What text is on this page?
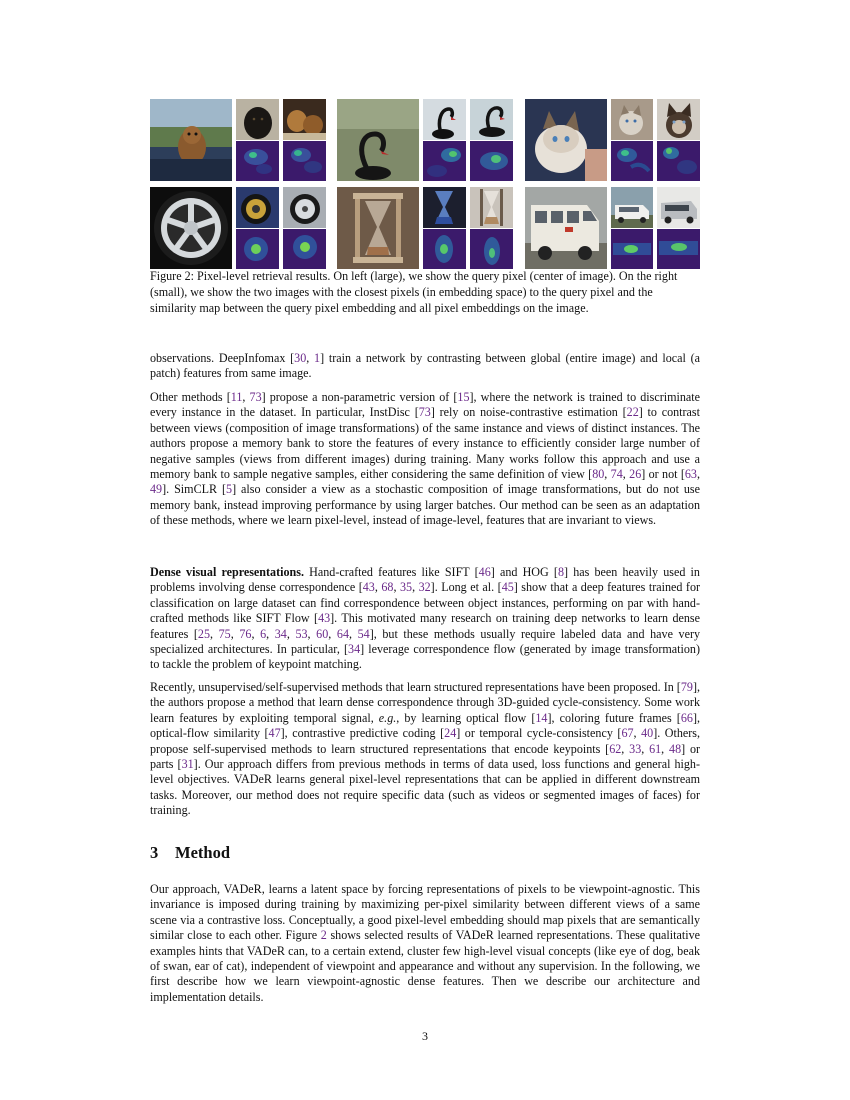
Figure 2: Pixel-level retrieval results. On left (large), we show the query pixel (center of image). On the right (small), we show the two images with the closest pixels (in embedding space) to the query pixel and the similarity map between the query pixel embedding and all pixel embeddings on the image.

observations. DeepInfomax [30, 1] train a network by contrasting between global (entire image) and local (a patch) features from same image.

Other methods [11, 73] propose a non-parametric version of [15], where the network is trained to discriminate every instance in the dataset. In particular, InstDisc [73] rely on noise-contrastive estimation [22] to contrast between views (composition of image transformations) of the same instance and views of distinct instances. The authors propose a memory bank to store the features of every instance to efficiently consider large number of negative samples (views from different images) during training. Many works follow this approach and use a memory bank to sample negative samples, either considering the same definition of view [80, 74, 26] or not [63, 49]. SimCLR [5] also consider a view as a stochastic composition of image transformations, but do not use memory bank, instead improving performance by using larger batches. Our method can be seen as an adaptation of these methods, where we learn pixel-level, instead of image-level, features that are invariant to views.

Dense visual representations. Hand-crafted features like SIFT [46] and HOG [8] has been heavily used in problems involving dense correspondence [43, 68, 35, 32]. Long et al. [45] show that a deep features trained for classification on large dataset can find correspondence between object instances, performing on par with hand-crafted methods like SIFT Flow [43]. This motivated many research on training deep networks to learn dense features [25, 75, 76, 6, 34, 53, 60, 64, 54], but these methods usually require labeled data and have very specialized architectures. In particular, [34] leverage correspondence flow (generated by image transformation) to tackle the problem of keypoint matching.

Recently, unsupervised/self-supervised methods that learn structured representations have been proposed. In [79], the authors propose a method that learn dense correspondence through 3D-guided cycle-consistency. Some work learn features by exploiting temporal signal, e.g., by learning optical flow [14], coloring future frames [66], optical-flow similarity [47], contrastive predictive coding [24] or temporal cycle-consistency [67, 40]. Others, propose self-supervised methods to learn structured representations that encode keypoints [62, 33, 61, 48] or parts [31]. Our approach differs from previous methods in terms of data used, loss functions and general high-level objectives. VADeR learns general pixel-level representations that can be applied in different downstream tasks. Moreover, our method does not require specific data (such as videos or segmented images of faces) for training.

3 Method

Our approach, VADeR, learns a latent space by forcing representations of pixels to be viewpoint-agnostic. This invariance is imposed during training by maximizing per-pixel similarity between different views of a same scene via a contrastive loss. Conceptually, a good pixel-level embedding should map pixels that are semantically similar close to each other. Figure 2 shows selected results of VADeR learned representations. These qualitative examples hints that VADeR can, to a certain extend, cluster few high-level visual concepts (like eye of dog, beak of swan, ear of cat), independent of viewpoint and appearance and without any supervision. In the following, we first describe how we learn viewpoint-agnostic dense features. Then we describe our architecture and implementation details.

3
